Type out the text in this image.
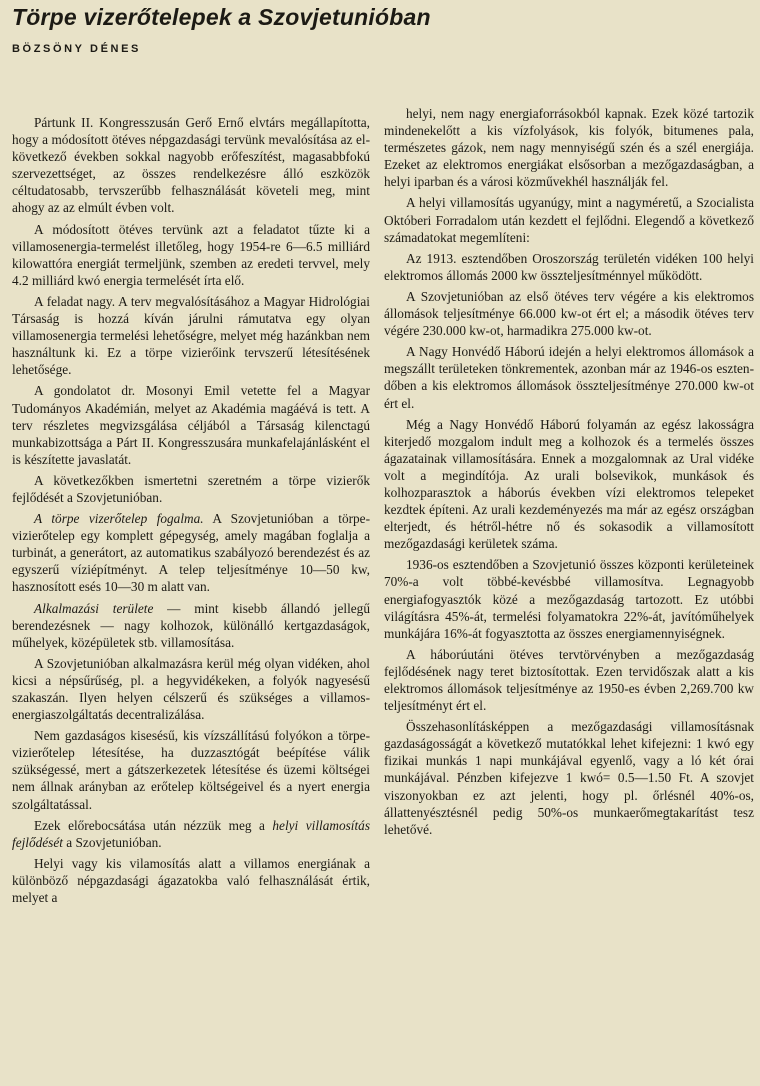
Törpe vizerőtelepek a Szovjetunióban
BÖZSÖNY DÉNES

Pártunk II. Kongresszusán Gerő Ernő elvtárs megállapította, hogy a módosított ötéves népgazdasági tervünk mevalósítása az elkövetkező években sokkal nagyobb erőfeszítést, magasabbfokú szervezettséget, az összes rendelkezésre álló eszközök céltudatosabb, tervszerűbb felhasználását követeli meg, mint ahogy az az elmúlt évben volt.

A módosított ötéves tervünk azt a feladatot tűzte ki a villamosenergia-termelést illetőleg, hogy 1954-re 6—6.5 milliárd kilowattóra energiát termeljünk, szemben az eredeti tervvel, mely 4.2 milliárd kwó energia termelését írta elő.

A feladat nagy. A terv megvalósításához a Magyar Hidrológiai Társaság is hozzá kíván járulni rámutatva egy olyan villamosenergia termelési lehetőségre, melyet még hazánkban nem használtunk ki. Ez a törpe vizierőink tervszerű létesítésének lehetősége.

A gondolatot dr. Mosonyi Emil vetette fel a Magyar Tudományos Akadémián, melyet az Akadémia magáévá is tett. A terv részletes megvizsgálása céljából a Társaság kilenctagú munkabizottsága a Párt II. Kongresszusára munkafelajánlásként el is készítette javaslatát.

A következőkben ismertetni szeretném a törpe vizierők fejlődését a Szovjetunióban.

A törpe vizerőtelep fogalma. A Szovjetunióban a törpe-vizierőtelep egy komplett gépegység, amely magában foglalja a turbinát, a generátort, az automatikus szabályozó berendezést és az egyszerű víziépítményt. A telep teljesítménye 10—50 kw, hasznosított esés 10—30 m alatt van.

Alkalmazási területe — mint kisebb állandó jellegű berendezésnek — nagy kolhozok, különálló kertgazdaságok, műhelyek, középületek stb. villamosítása.

A Szovjetunióban alkalmazásra kerül még olyan vidéken, ahol kicsi a népsűrűség, pl. a hegyvidékeken, a folyók nagyesésű szakaszán. Ilyen helyen célszerű és szükséges a villamosenergiaszolgáltatás decentralizálása.

Nem gazdaságos kisesésű, kis vízszállítású folyókon a törpe-vizierőtelep létesítése, ha duzzasztógát beépítése válik szükségessé, mert a gátszerkezetek létesítése és üzemi költségei nem állnak arányban az erőtelep költségeivel és a nyert energia szolgáltatással.

Ezek előrebocsátása után nézzük meg a helyi villamosítás fejlődését a Szovjetunióban.

Helyi vagy kis vilamosítás alatt a villamos energiának a különböző népgazdasági ágazatokba való felhasználását értik, melyet a

helyi, nem nagy energiaforrásokból kapnak. Ezek közé tartozik mindenekelőtt a kis vízfolyások, kis folyók, bitumenes pala, természetes gázok, nem nagy mennyiségű szén és a szél energiája. Ezeket az elektromos energiákat elsősorban a mezőgazdaságban, a helyi iparban és a városi közművekhél használják fel.

A helyi villamosítás ugyanúgy, mint a nagyméretű, a Szocialista Októberi Forradalom után kezdett el fejlődni. Elegendő a következő számadatokat megemlíteni:

Az 1913. esztendőben Oroszország területén vidéken 100 helyi elektromos állomás 2000 kw összteljesítménnyel működött.

A Szovjetunióban az első ötéves terv végére a kis elektromos állomások teljesítménye 66.000 kw-ot ért el; a második ötéves terv végére 230.000 kw-ot, harmadikra 275.000 kw-ot.

A Nagy Honvédő Háború idején a helyi elektromos állomások a megszállt területeken tönkrementek, azonban már az 1946-os esztendőben a kis elektromos állomások összteljesítménye 270.000 kw-ot ért el.

Még a Nagy Honvédő Háború folyamán az egész lakosságra kiterjedő mozgalom indult meg a kolhozok és a termelés összes ágazatainak villamosítására. Ennek a mozgalomnak az Ural vidéke volt a megindítója. Az urali bolsevikok, munkások és kolhozparasztok a háborús években vízi elektromos telepeket kezdtek építeni. Az urali kezdeményezés ma már az egész országban elterjedt, és hétről-hétre nő és sokasodik a villamosított mezőgazdasági kerületek száma.

1936-os esztendőben a Szovjetunió összes központi kerületeinek 70%-a volt többé-kevésbbé villamosítva. Legnagyobb energiafogyasztók közé a mezőgazdaság tartozott. Ez utóbbi világításra 45%-át, termelési folyamatokra 22%-át, javítóműhelyek munkájára 16%-át fogyasztotta az összes energiamennyiségnek.

A háborúutáni ötéves tervtörvényben a mezőgazdaság fejlődésének nagy teret biztosítottak. Ezen tervidőszak alatt a kis elektromos állomások teljesítménye az 1950-es évben 2,269.700 kw teljesítményt ért el.

Összehasonlításképpen a mezőgazdasági villamosításnak gazdaságosságát a következő mutatókkal lehet kifejezni: 1 kwó egy fizikai munkás 1 napi munkájával egyenlő, vagy a ló két órai munkájával. Pénzben kifejezve 1 kwó= 0.5—1.50 Ft. A szovjet viszonyokban ez azt jelenti, hogy pl. őrlésnél 40%-os, állattenyésztésnél pedig 50%-os munkaerőmegtakarítást tesz lehetővé.
